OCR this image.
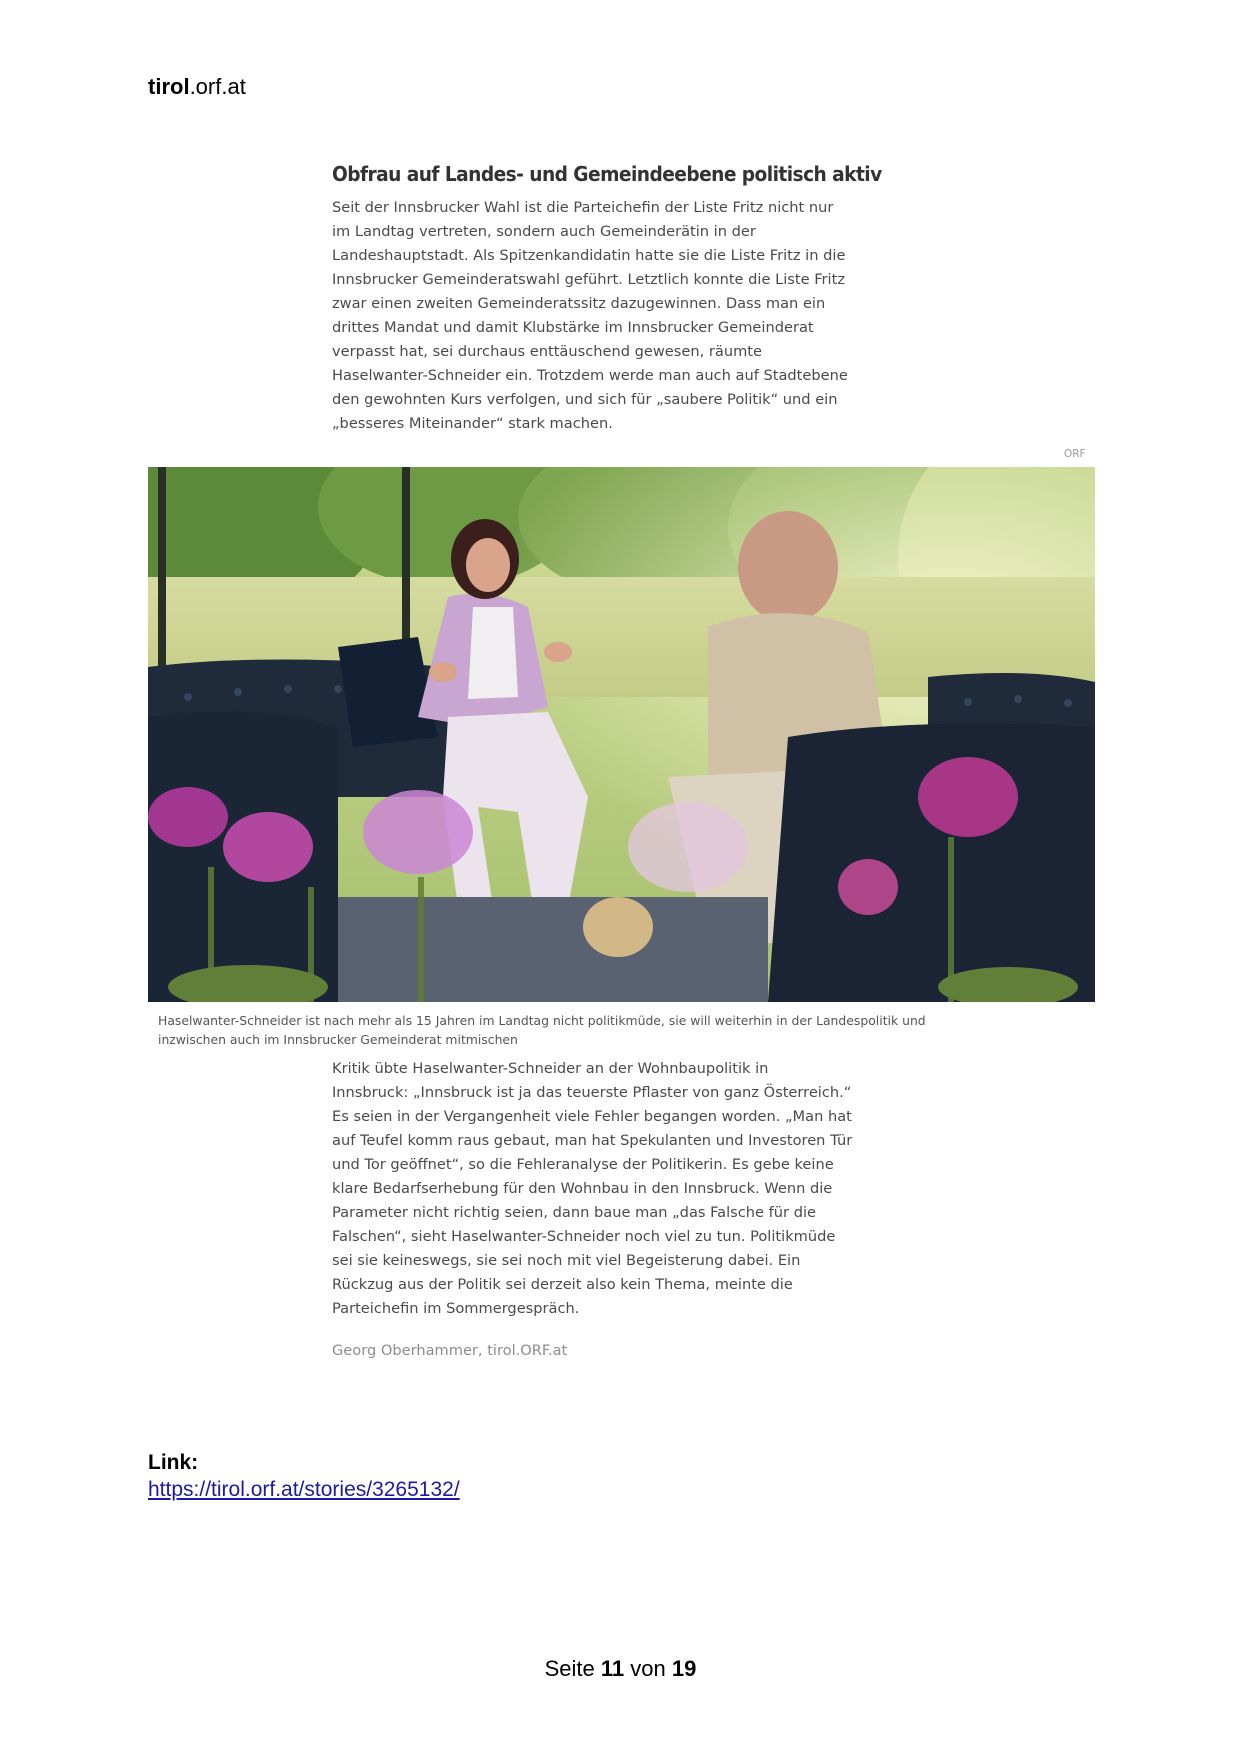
tirol.orf.at
Obfrau auf Landes- und Gemeindeebene politisch aktiv

Seit der Innsbrucker Wahl ist die Parteichefin der Liste Fritz nicht nur

im Landtag vertreten, sondern auch Gemeinderätin in der

Landeshauptstadt. Als Spitzenkandidatin hatte sie die Liste Fritz in die

Innsbrucker Gemeinderatswahl geführt. Letztlich konnte die Liste Fritz

zwar einen zweiten Gemeinderatssitz dazugewinnen. Dass man ein

drittes Mandat und damit Klubstärke im Innsbrucker Gemeinderat

verpasst hat, sei durchaus enttäuschend gewesen, räumte

Haselwanter-Schneider ein. Trotzdem werde man auch auf Stadtebene

den gewohnten Kurs verfolgen, und sich für „saubere Politik“ und ein

„besseres Miteinander“ stark machen.

ORF
Haselwanter-Schneider ist nach mehr als 15 Jahren im Landtag nicht politikmüde, sie will weiterhin in der Landespolitik und
inzwischen auch im Innsbrucker Gemeinderat mitmischen

Kritik übte Haselwanter-Schneider an der Wohnbaupolitik in

Innsbruck: „Innsbruck ist ja das teuerste Pflaster von ganz Österreich.“

Es seien in der Vergangenheit viele Fehler begangen worden. „Man hat

auf Teufel komm raus gebaut, man hat Spekulanten und Investoren Tür

und Tor geöffnet“, so die Fehleranalyse der Politikerin. Es gebe keine

klare Bedarfserhebung für den Wohnbau in den Innsbruck. Wenn die

Parameter nicht richtig seien, dann baue man „das Falsche für die

Falschen“, sieht Haselwanter-Schneider noch viel zu tun. Politikmüde

sei sie keineswegs, sie sei noch mit viel Begeisterung dabei. Ein

Rückzug aus der Politik sei derzeit also kein Thema, meinte die

Parteichefin im Sommergespräch.

Georg Oberhammer, tirol.ORF.at
Link:
https://tirol.orf.at/stories/3265132/
Seite 11 von 19
